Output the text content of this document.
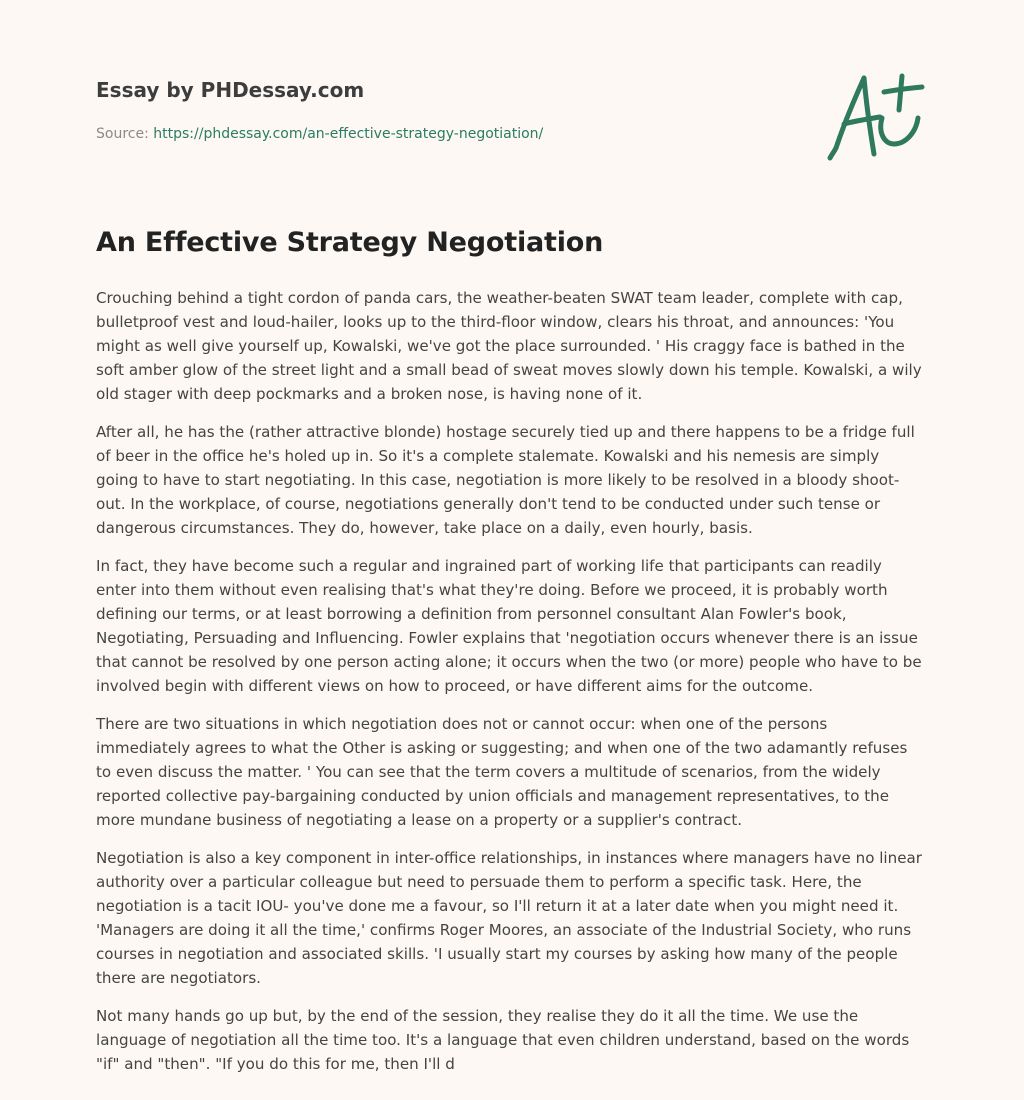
Essay by PHDessay.com
Source: https://phdessay.com/an-effective-strategy-negotiation/
An Effective Strategy Negotiation

Crouching behind a tight cordon of panda cars, the weather-beaten SWAT team leader, complete with cap, bulletproof vest and loud-hailer, looks up to the third-floor window, clears his throat, and announces: 'You might as well give yourself up, Kowalski, we've got the place surrounded. ' His craggy face is bathed in the soft amber glow of the street light and a small bead of sweat moves slowly down his temple. Kowalski, a wily old stager with deep pockmarks and a broken nose, is having none of it.

After all, he has the (rather attractive blonde) hostage securely tied up and there happens to be a fridge full of beer in the office he's holed up in. So it's a complete stalemate. Kowalski and his nemesis are simply going to have to start negotiating. In this case, negotiation is more likely to be resolved in a bloody shoot-out. In the workplace, of course, negotiations generally don't tend to be conducted under such tense or dangerous circumstances. They do, however, take place on a daily, even hourly, basis.

In fact, they have become such a regular and ingrained part of working life that participants can readily enter into them without even realising that's what they're doing. Before we proceed, it is probably worth defining our terms, or at least borrowing a definition from personnel consultant Alan Fowler's book, Negotiating, Persuading and Influencing. Fowler explains that 'negotiation occurs whenever there is an issue that cannot be resolved by one person acting alone; it occurs when the two (or more) people who have to be involved begin with different views on how to proceed, or have different aims for the outcome.

There are two situations in which negotiation does not or cannot occur: when one of the persons immediately agrees to what the Other is asking or suggesting; and when one of the two adamantly refuses to even discuss the matter. ' You can see that the term covers a multitude of scenarios, from the widely reported collective pay-bargaining conducted by union officials and management representatives, to the more mundane business of negotiating a lease on a property or a supplier's contract.

Negotiation is also a key component in inter-office relationships, in instances where managers have no linear authority over a particular colleague but need to persuade them to perform a specific task. Here, the negotiation is a tacit IOU- you've done me a favour, so I'll return it at a later date when you might need it. 'Managers are doing it all the time,' confirms Roger Moores, an associate of the Industrial Society, who runs courses in negotiation and associated skills. 'I usually start my courses by asking how many of the people there are negotiators.

Not many hands go up but, by the end of the session, they realise they do it all the time. We use the language of negotiation all the time too. It's a language that even children understand, based on the words "if" and "then". "If you do this for me, then I'll d
